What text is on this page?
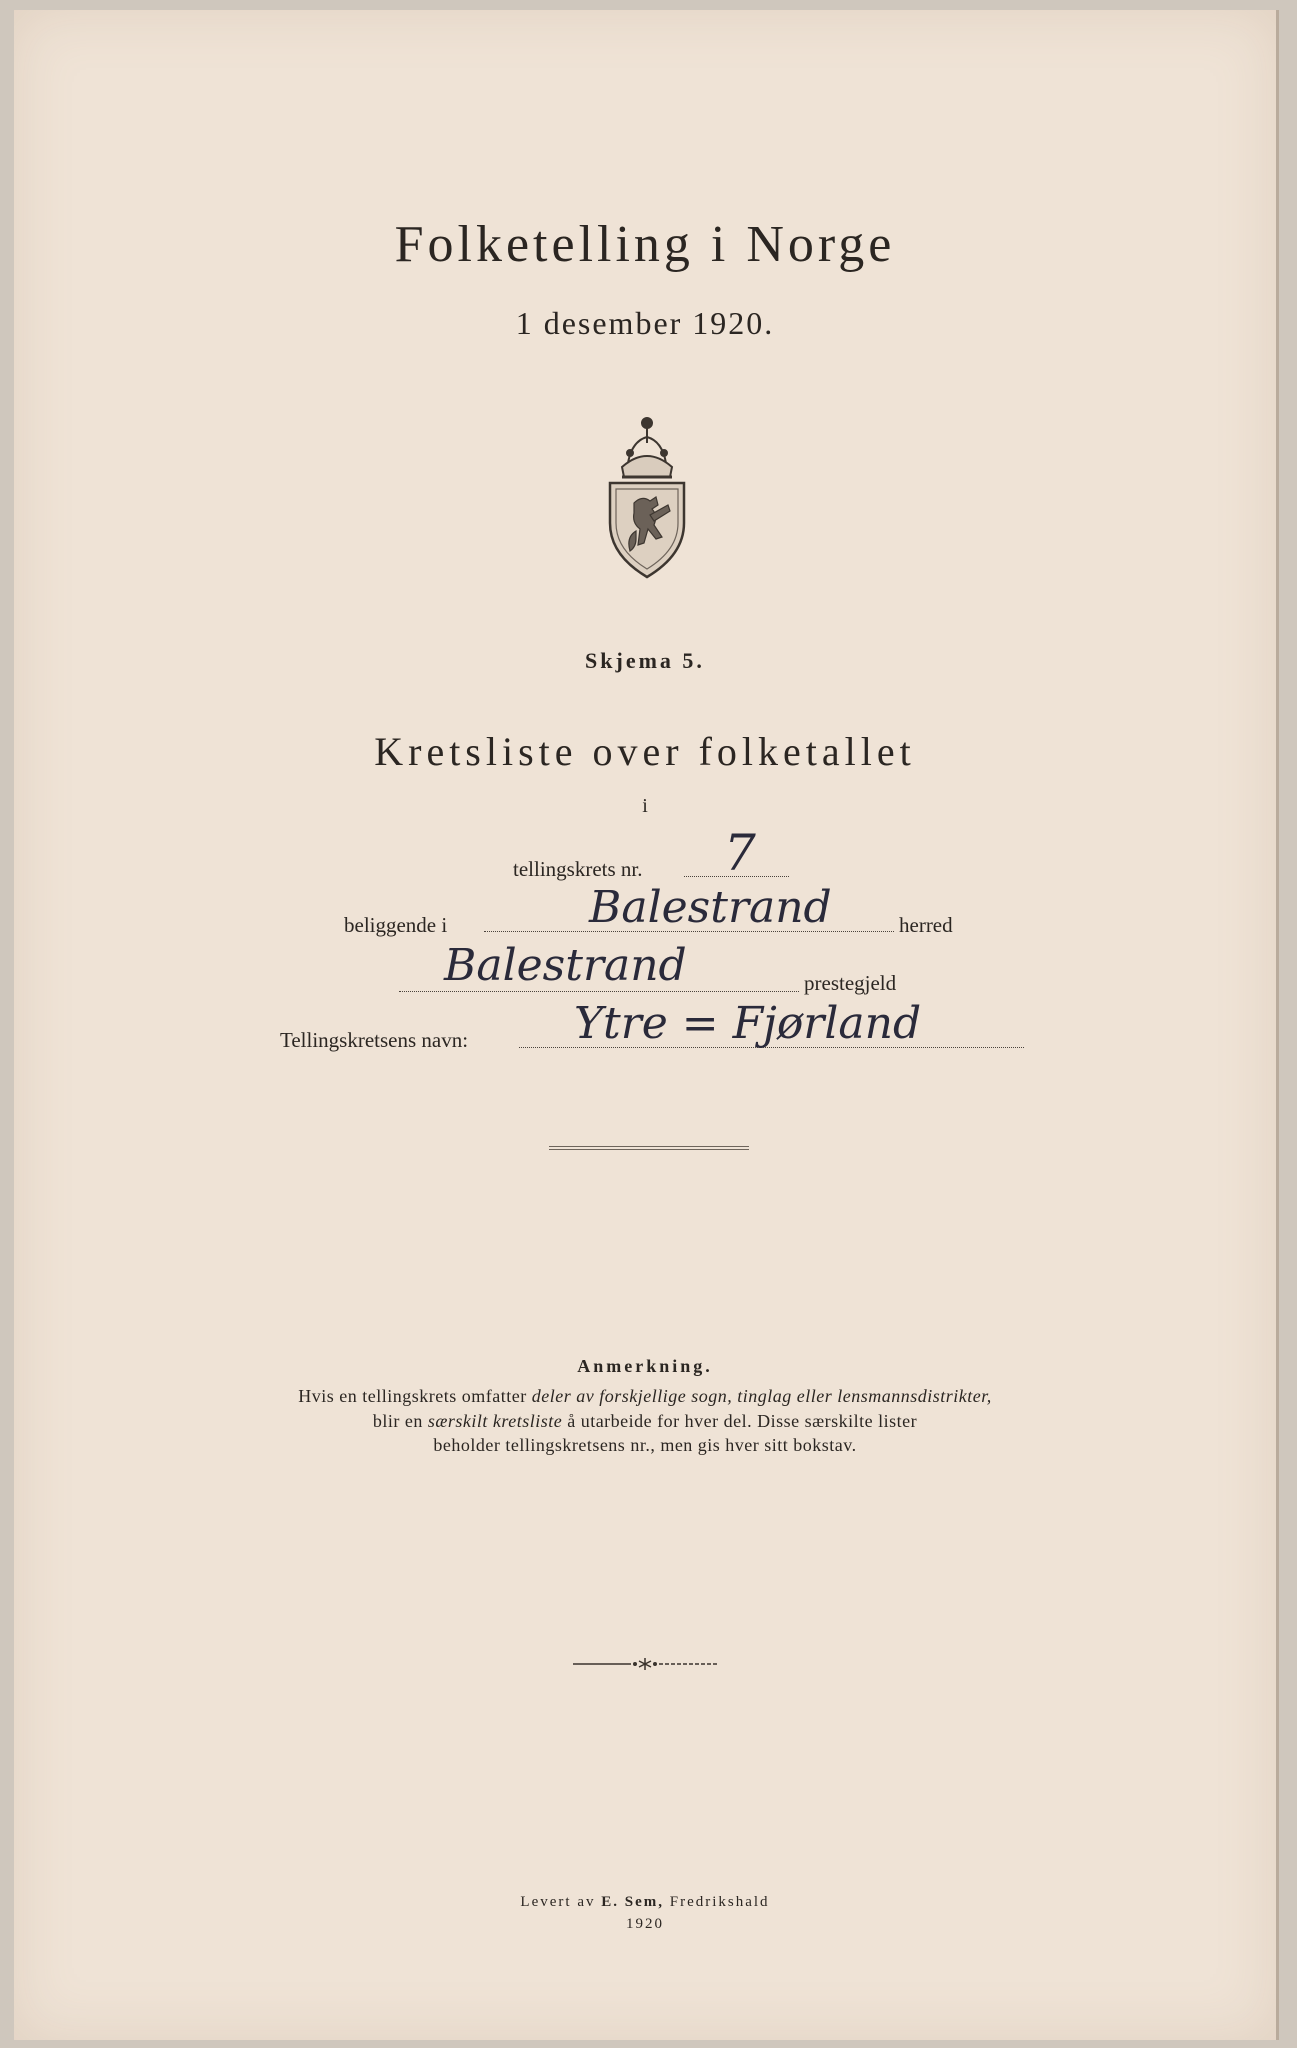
Folketelling i Norge
1 desember 1920.
Skjema 5.
Kretsliste over folketallet
i
tellingskrets nr. 7
beliggende i	Balestrand	herred
Balestrand	prestegjeld
Tellingskretsens navn: Ytre = Fjørland
Anmerkning.
Hvis en tellingskrets omfatter deler av forskjellige sogn, tinglag eller lensmannsdistrikter,
blir en særskilt kretsliste å utarbeide for hver del. Disse særskilte lister
beholder tellingskretsens nr., men gis hver sitt bokstav.
Levert av E. Sem, Fredrikshald
1920
